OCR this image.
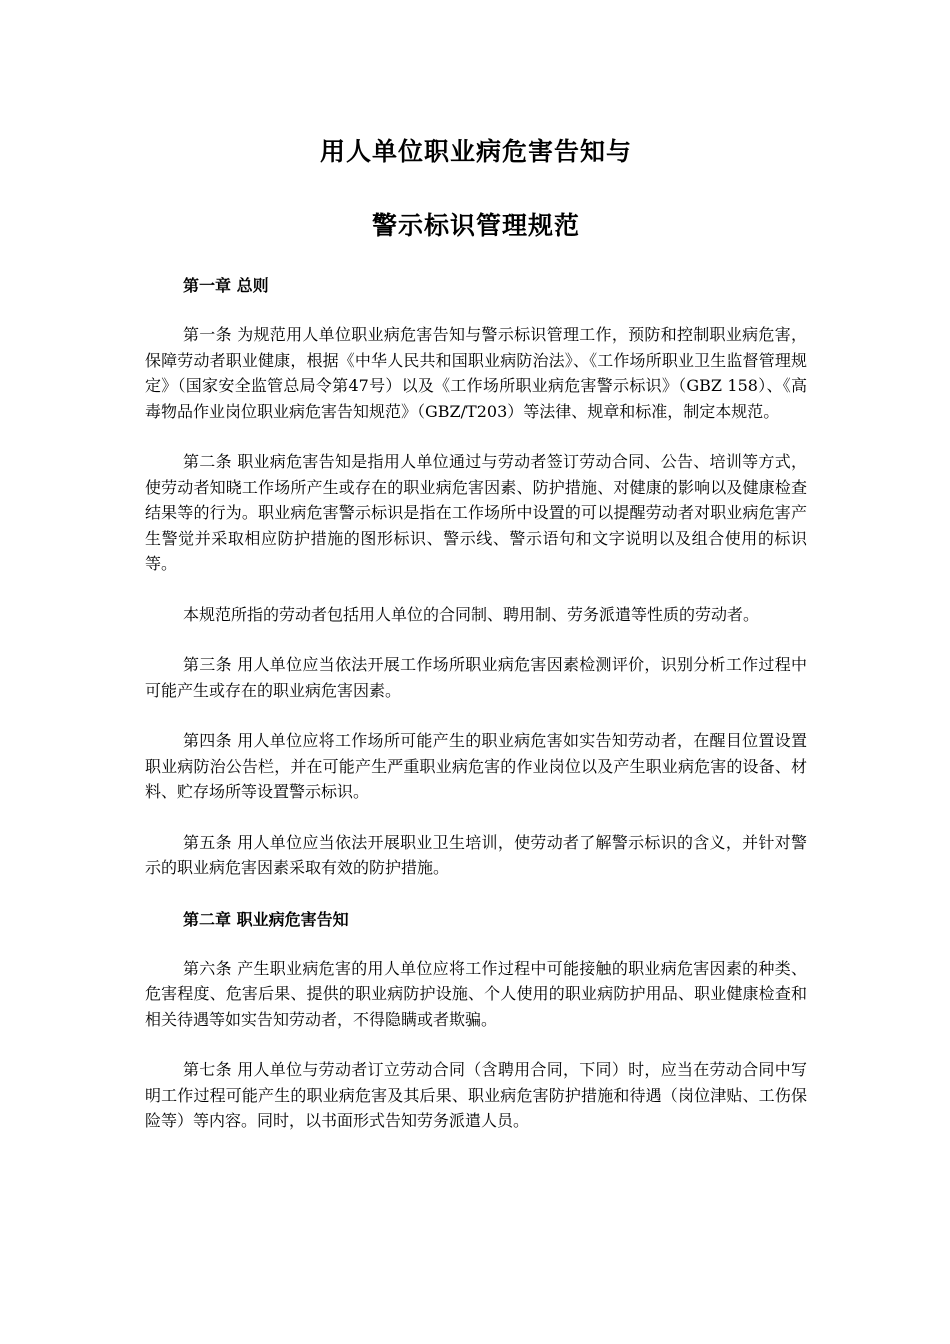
用人单位职业病危害告知与
警示标识管理规范

第一章 总则

第一条 为规范用人单位职业病危害告知与警示标识管理工作，预防和控制职业病危害，保障劳动者职业健康，根据《中华人民共和国职业病防治法》、《工作场所职业卫生监督管理规定》（国家安全监管总局令第47号）以及《工作场所职业病危害警示标识》（GBZ 158）、《高毒物品作业岗位职业病危害告知规范》（GBZ/T203）等法律、规章和标准，制定本规范。

第二条 职业病危害告知是指用人单位通过与劳动者签订劳动合同、公告、培训等方式，使劳动者知晓工作场所产生或存在的职业病危害因素、防护措施、对健康的影响以及健康检查结果等的行为。职业病危害警示标识是指在工作场所中设置的可以提醒劳动者对职业病危害产生警觉并采取相应防护措施的图形标识、警示线、警示语句和文字说明以及组合使用的标识等。

本规范所指的劳动者包括用人单位的合同制、聘用制、劳务派遣等性质的劳动者。

第三条 用人单位应当依法开展工作场所职业病危害因素检测评价，识别分析工作过程中可能产生或存在的职业病危害因素。

第四条 用人单位应将工作场所可能产生的职业病危害如实告知劳动者，在醒目位置设置职业病防治公告栏，并在可能产生严重职业病危害的作业岗位以及产生职业病危害的设备、材料、贮存场所等设置警示标识。

第五条 用人单位应当依法开展职业卫生培训，使劳动者了解警示标识的含义，并针对警示的职业病危害因素采取有效的防护措施。

第二章 职业病危害告知

第六条 产生职业病危害的用人单位应将工作过程中可能接触的职业病危害因素的种类、危害程度、危害后果、提供的职业病防护设施、个人使用的职业病防护用品、职业健康检查和相关待遇等如实告知劳动者，不得隐瞒或者欺骗。

第七条 用人单位与劳动者订立劳动合同（含聘用合同，下同）时，应当在劳动合同中写明工作过程可能产生的职业病危害及其后果、职业病危害防护措施和待遇（岗位津贴、工伤保险等）等内容。同时，以书面形式告知劳务派遣人员。
